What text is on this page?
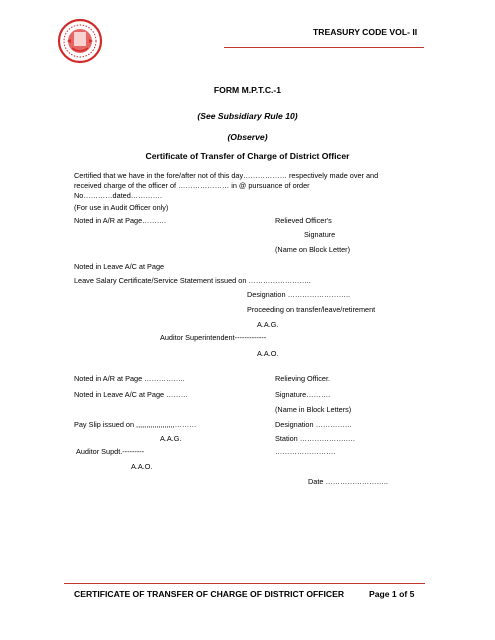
TREASURY CODE VOL- II
FORM M.P.T.C.-1
(See Subsidiary Rule 10)
(Observe)
Certificate of Transfer of Charge of District Officer
Certified that we have in the fore/after not of this day……………… respectively made over and
received charge of the officer of ………………… in @ pursuance of order
No…………dated………….
(For use in Audit Officer only)
Noted in A/R at Page……….	Relieved Officer's
Signature
(Name on Block Letter)
Noted in Leave A/C at Page
Leave Salary Certificate/Service Statement issued on ……………………..
Designation ……………………..
Proceeding on transfer/leave/retirement
A.A.G.
Auditor Superintendent-------------
A.A.O.
Noted in A/R at Page ……………..	Relieving Officer.
Noted in Leave A/C at Page ………	Signature……….
(Name in Block Letters)
Pay Slip issued on ,,,,,,,,,,,,,,,,,,,………	Designation ……………
A.A.G.	Station ……………….….
Auditor Supdt.---------	…………………….
A.A.O.
Date ……………………..
CERTIFICATE OF TRANSFER OF CHARGE OF DISTRICT OFFICER	Page 1 of 5
